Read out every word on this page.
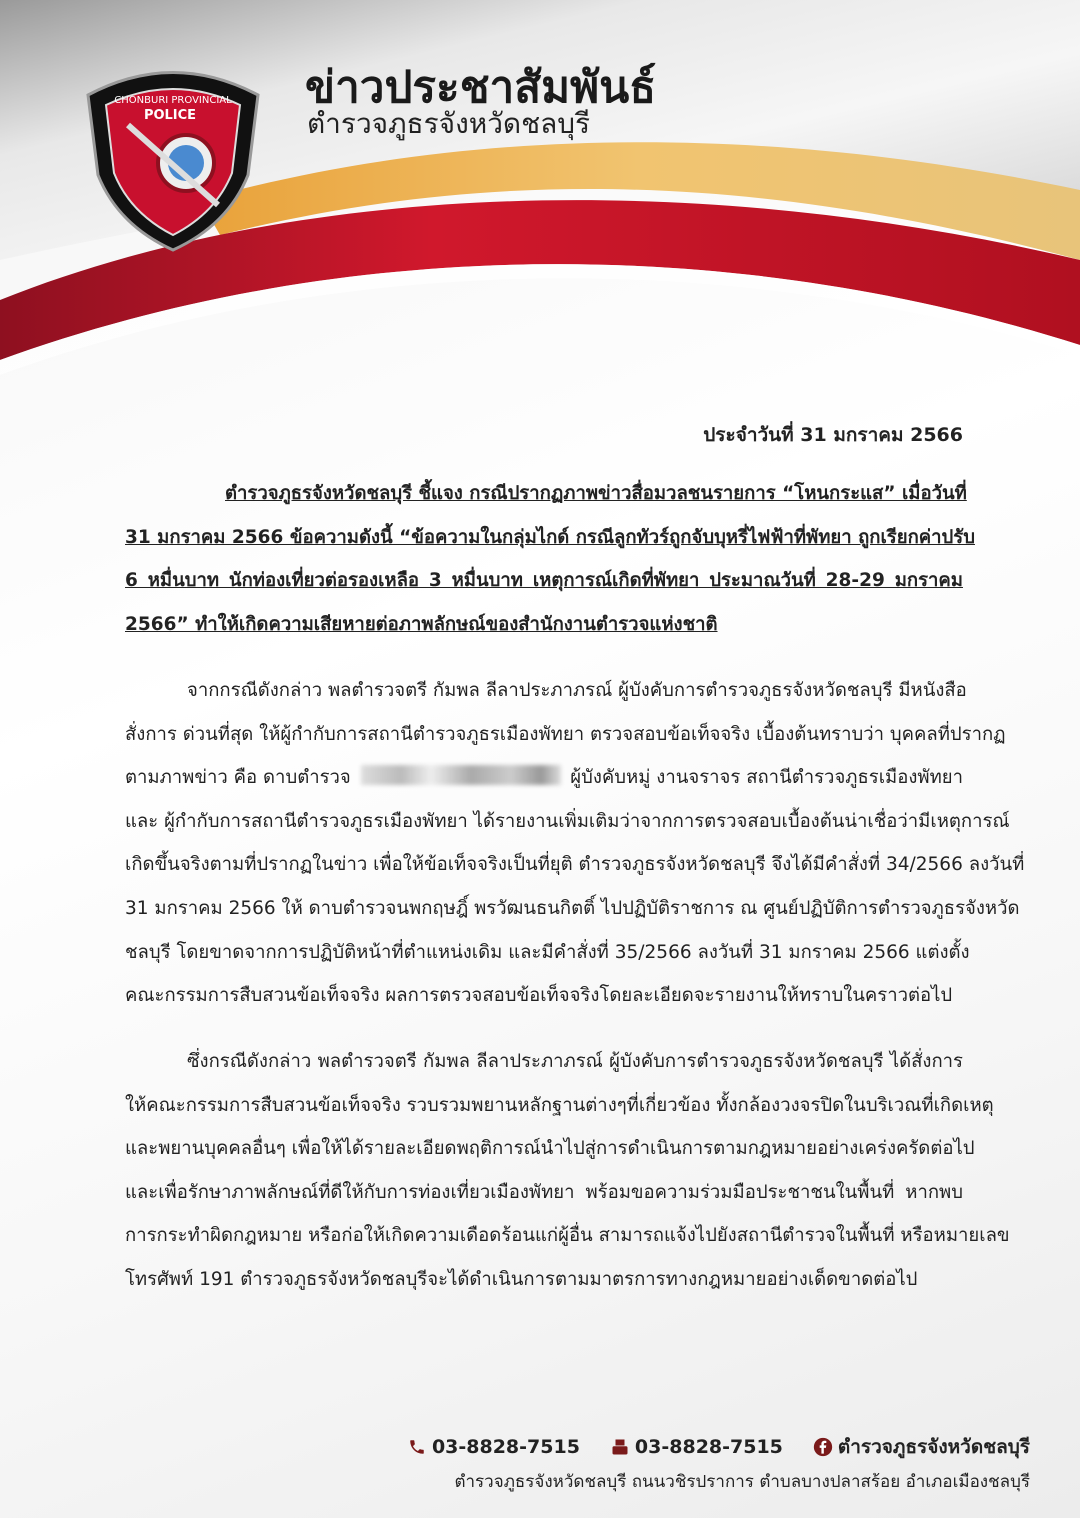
CHONBURI PROVINCIAL
POLICE
ข่าวประชาสัมพันธ์
ตำรวจภูธรจังหวัดชลบุรี
ประจำวันที่ 31 มกราคม 2566
ตำรวจภูธรจังหวัดชลบุรี ชี้แจง กรณีปรากฏภาพข่าวสื่อมวลชนรายการ “โหนกระแส” เมื่อวันที่
31 มกราคม 2566 ข้อความดังนี้ “ข้อความในกลุ่มไกด์ กรณีลูกทัวร์ถูกจับบุหรี่ไฟฟ้าที่พัทยา ถูกเรียกค่าปรับ
6 หมื่นบาท นักท่องเที่ยวต่อรองเหลือ 3 หมื่นบาท เหตุการณ์เกิดที่พัทยา ประมาณวันที่ 28-29 มกราคม
2566” ทำให้เกิดความเสียหายต่อภาพลักษณ์ของสำนักงานตำรวจแห่งชาติ
จากกรณีดังกล่าว พลตำรวจตรี กัมพล ลีลาประภาภรณ์ ผู้บังคับการตำรวจภูธรจังหวัดชลบุรี มีหนังสือ
สั่งการ ด่วนที่สุด ให้ผู้กำกับการสถานีตำรวจภูธรเมืองพัทยา ตรวจสอบข้อเท็จจริง เบื้องต้นทราบว่า บุคคลที่ปรากฏ
ตามภาพข่าว คือ ดาบตำรวจ	ผู้บังคับหมู่ งานจราจร สถานีตำรวจภูธรเมืองพัทยา
และ ผู้กำกับการสถานีตำรวจภูธรเมืองพัทยา ได้รายงานเพิ่มเติมว่าจากการตรวจสอบเบื้องต้นน่าเชื่อว่ามีเหตุการณ์
เกิดขึ้นจริงตามที่ปรากฏในข่าว เพื่อให้ข้อเท็จจริงเป็นที่ยุติ ตำรวจภูธรจังหวัดชลบุรี จึงได้มีคำสั่งที่ 34/2566 ลงวันที่
31 มกราคม 2566 ให้ ดาบตำรวจนพกฤษฎิ์ พรวัฒนธนกิตติ์ ไปปฏิบัติราชการ ณ ศูนย์ปฏิบัติการตำรวจภูธรจังหวัด
ชลบุรี โดยขาดจากการปฏิบัติหน้าที่ตำแหน่งเดิม และมีคำสั่งที่ 35/2566 ลงวันที่ 31 มกราคม 2566 แต่งตั้ง
คณะกรรมการสืบสวนข้อเท็จจริง ผลการตรวจสอบข้อเท็จจริงโดยละเอียดจะรายงานให้ทราบในคราวต่อไป
ซึ่งกรณีดังกล่าว พลตำรวจตรี กัมพล ลีลาประภาภรณ์ ผู้บังคับการตำรวจภูธรจังหวัดชลบุรี ได้สั่งการ
ให้คณะกรรมการสืบสวนข้อเท็จจริง รวบรวมพยานหลักฐานต่างๆที่เกี่ยวข้อง ทั้งกล้องวงจรปิดในบริเวณที่เกิดเหตุ
และพยานบุคคลอื่นๆ เพื่อให้ได้รายละเอียดพฤติการณ์นำไปสู่การดำเนินการตามกฎหมายอย่างเคร่งครัดต่อไป
และเพื่อรักษาภาพลักษณ์ที่ดีให้กับการท่องเที่ยวเมืองพัทยา พร้อมขอความร่วมมือประชาชนในพื้นที่ หากพบ
การกระทำผิดกฎหมาย หรือก่อให้เกิดความเดือดร้อนแก่ผู้อื่น สามารถแจ้งไปยังสถานีตำรวจในพื้นที่ หรือหมายเลข
โทรศัพท์ 191 ตำรวจภูธรจังหวัดชลบุรีจะได้ดำเนินการตามมาตรการทางกฎหมายอย่างเด็ดขาดต่อไป
03-8828-7515	03-8828-7515	ตำรวจภูธรจังหวัดชลบุรี
ตำรวจภูธรจังหวัดชลบุรี ถนนวชิรปราการ ตำบลบางปลาสร้อย อำเภอเมืองชลบุรี
